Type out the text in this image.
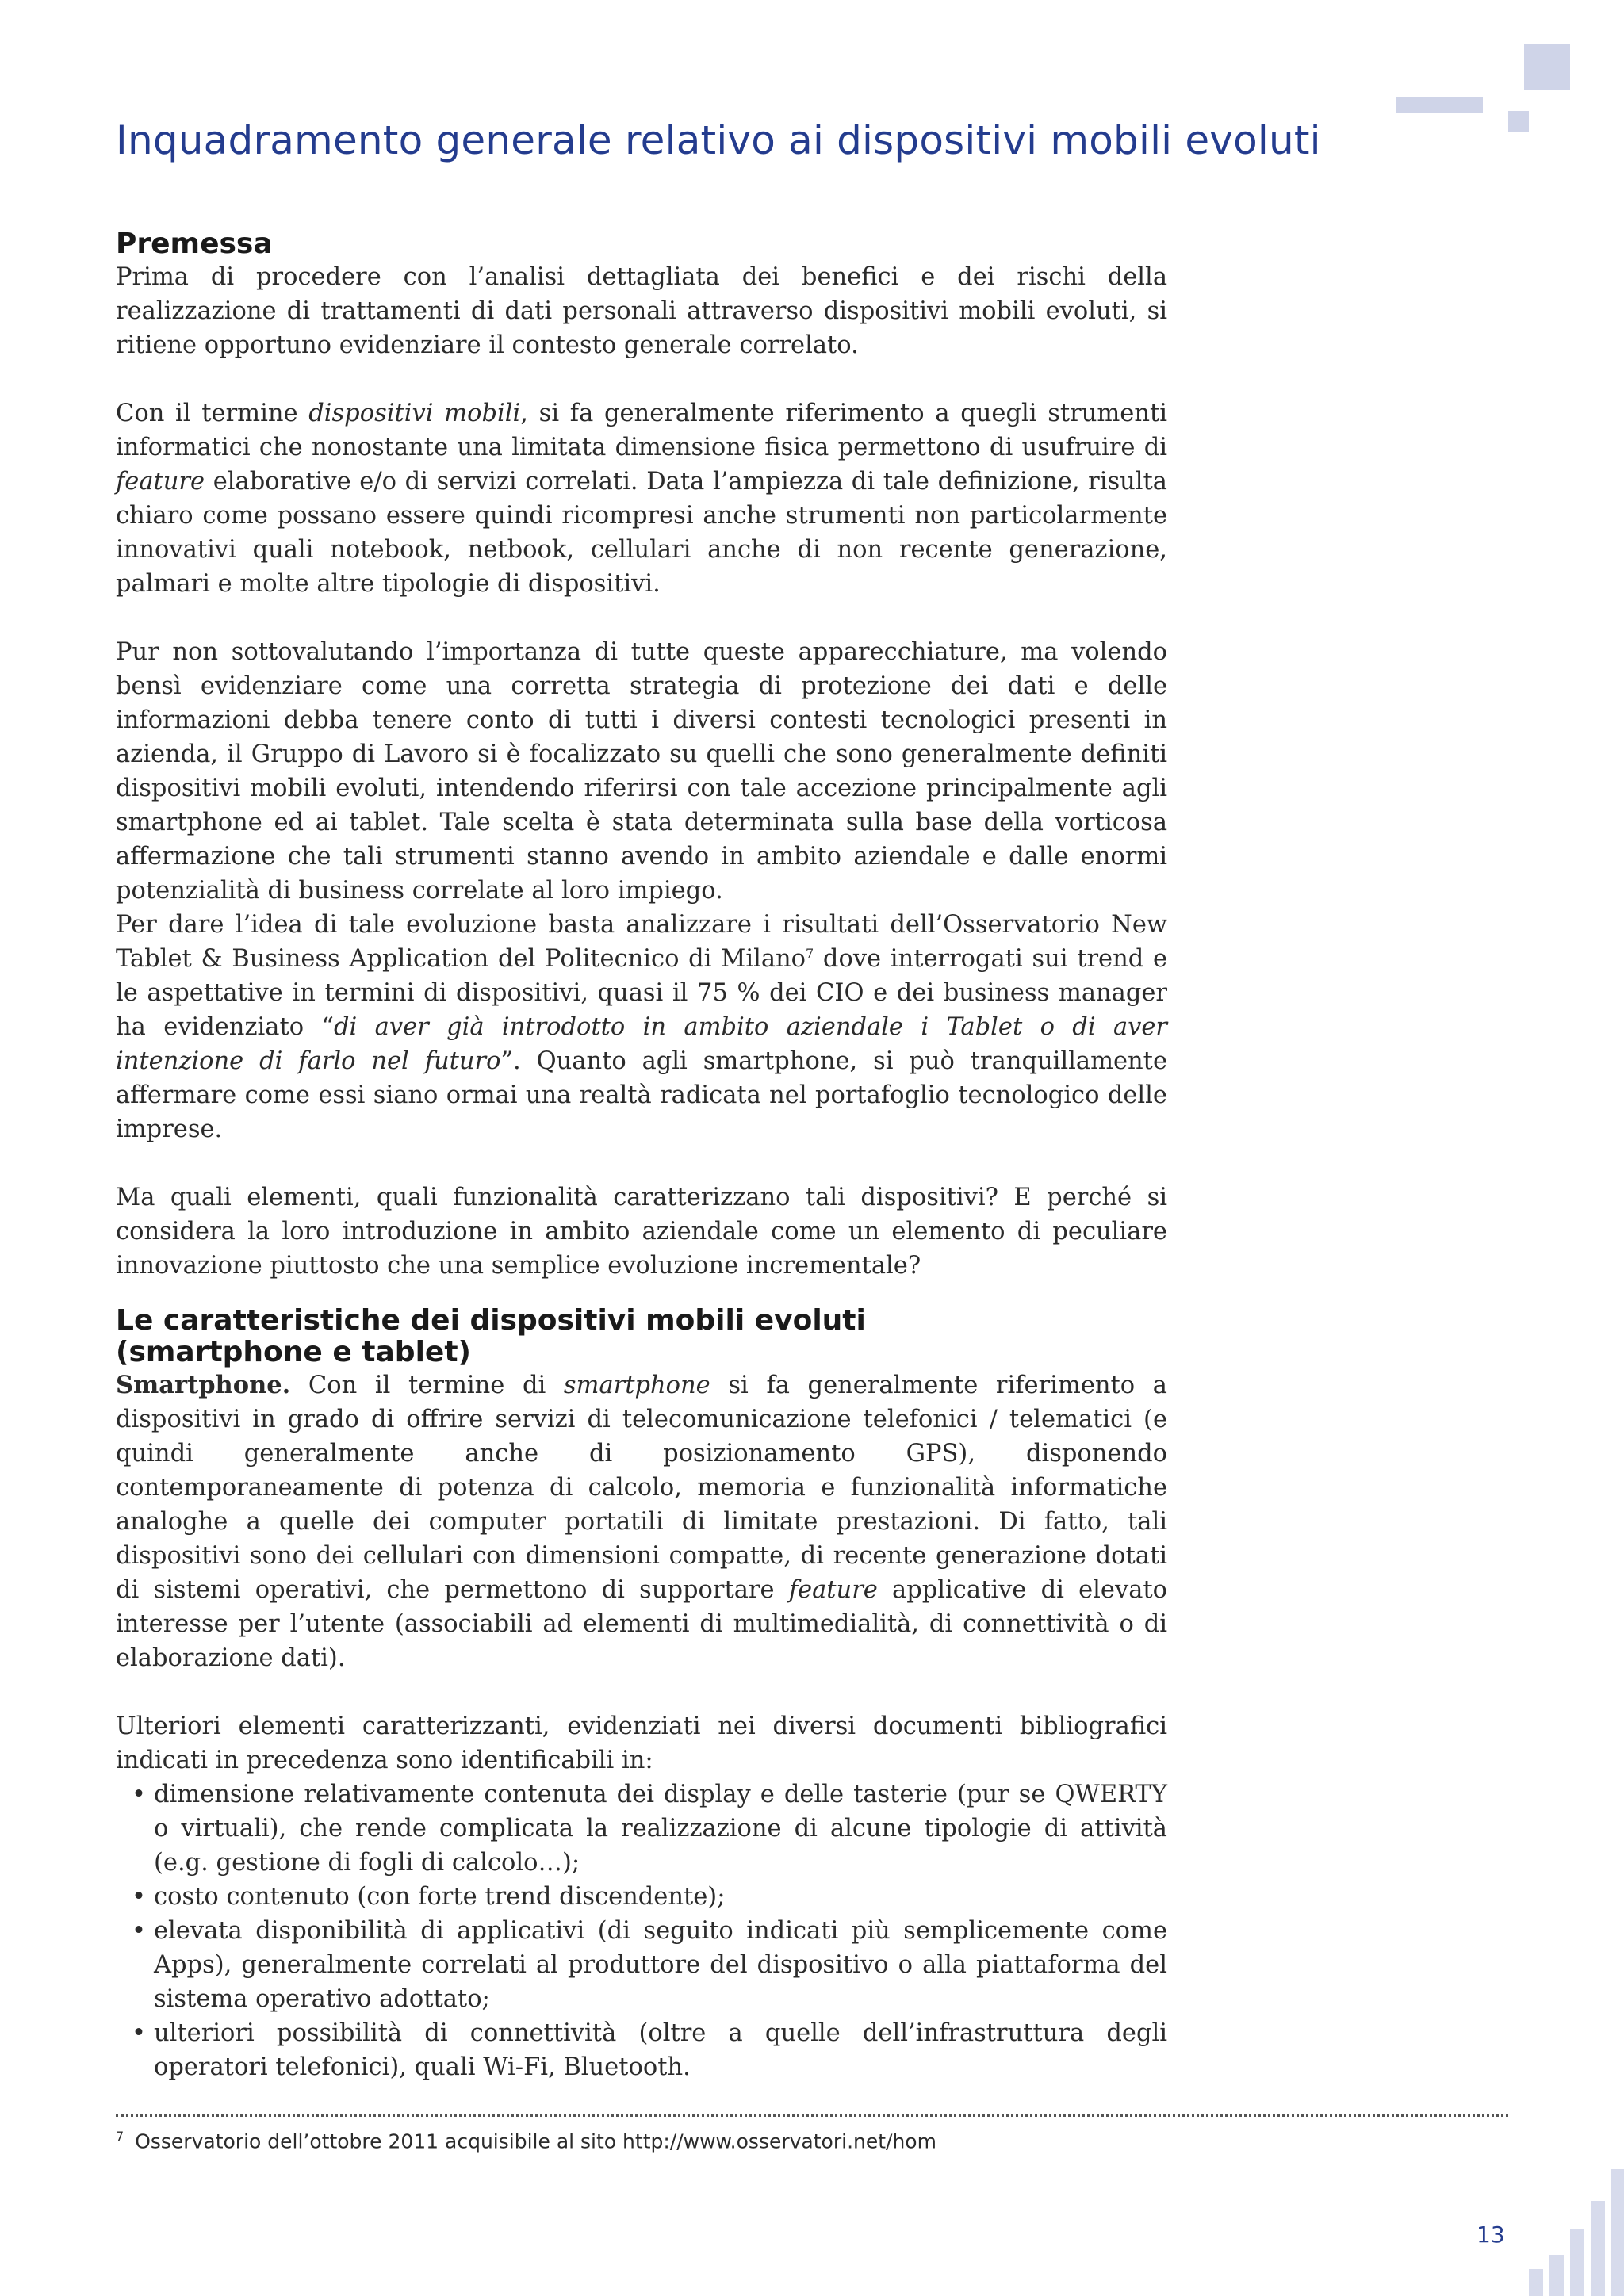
Inquadramento generale relativo ai dispositivi mobili evoluti
Premessa

Prima di procedere con l’analisi dettagliata dei benefici e dei rischi della realizzazione di trattamenti di dati personali attraverso dispositivi mobili evoluti, si ritiene opportuno evidenziare il contesto generale correlato.

Con il termine dispositivi mobili, si fa generalmente riferimento a quegli strumenti informatici che nonostante una limitata dimensione fisica permettono di usufruire di feature elaborative e/o di servizi correlati. Data l’ampiezza di tale definizione, risulta chiaro come possano essere quindi ricompresi anche strumenti non particolarmente innovativi quali notebook, netbook, cellulari anche di non recente generazione, palmari e molte altre tipologie di dispositivi.

Pur non sottovalutando l’importanza di tutte queste apparecchiature, ma volendo bensì evidenziare come una corretta strategia di protezione dei dati e delle informazioni debba tenere conto di tutti i diversi contesti tecnologici presenti in azienda, il Gruppo di Lavoro si è focalizzato su quelli che sono generalmente definiti dispositivi mobili evoluti, intendendo riferirsi con tale accezione principalmente agli smartphone ed ai tablet. Tale scelta è stata determinata sulla base della vorticosa affermazione che tali strumenti stanno avendo in ambito aziendale e dalle enormi potenzialità di business correlate al loro impiego.

Per dare l’idea di tale evoluzione basta analizzare i risultati dell’Osservatorio New Tablet & Business Application del Politecnico di Milano$^7$ dove interrogati sui trend e le aspettative in termini di dispositivi, quasi il 75 % dei CIO e dei business manager ha evidenziato “di aver già introdotto in ambito aziendale i Tablet o di aver intenzione di farlo nel futuro”. Quanto agli smartphone, si può tranquillamente affermare come essi siano ormai una realtà radicata nel portafoglio tecnologico delle imprese.

Ma quali elementi, quali funzionalità caratterizzano tali dispositivi? E perché si considera la loro introduzione in ambito aziendale come un elemento di peculiare innovazione piuttosto che una semplice evoluzione incrementale?

Le caratteristiche dei dispositivi mobili evoluti
(smartphone e tablet)

Smartphone. Con il termine di smartphone si fa generalmente riferimento a dispositivi in grado di offrire servizi di telecomunicazione telefonici / telematici (e quindi generalmente anche di posizionamento GPS), disponendo contemporaneamente di potenza di calcolo, memoria e funzionalità informatiche analoghe a quelle dei computer portatili di limitate prestazioni. Di fatto, tali dispositivi sono dei cellulari con dimensioni compatte, di recente generazione dotati di sistemi operativi, che permettono di supportare feature applicative di elevato interesse per l’utente (associabili ad elementi di multimedialità, di connettività o di elaborazione dati).

Ulteriori elementi caratterizzanti, evidenziati nei diversi documenti bibliografici indicati in precedenza sono identificabili in:

• dimensione relativamente contenuta dei display e delle tasterie (pur se QWERTY o virtuali), che rende complicata la realizzazione di alcune tipologie di attività (e.g. gestione di fogli di calcolo…);
• costo contenuto (con forte trend discendente);
• elevata disponibilità di applicativi (di seguito indicati più semplicemente come Apps), generalmente correlati al produttore del dispositivo o alla piattaforma del sistema operativo adottato;
• ulteriori possibilità di connettività (oltre a quelle dell’infrastruttura degli operatori telefonici), quali Wi-Fi, Bluetooth.
$^7$ Osservatorio dell’ottobre 2011 acquisibile al sito http://www.osservatori.net/hom
13
